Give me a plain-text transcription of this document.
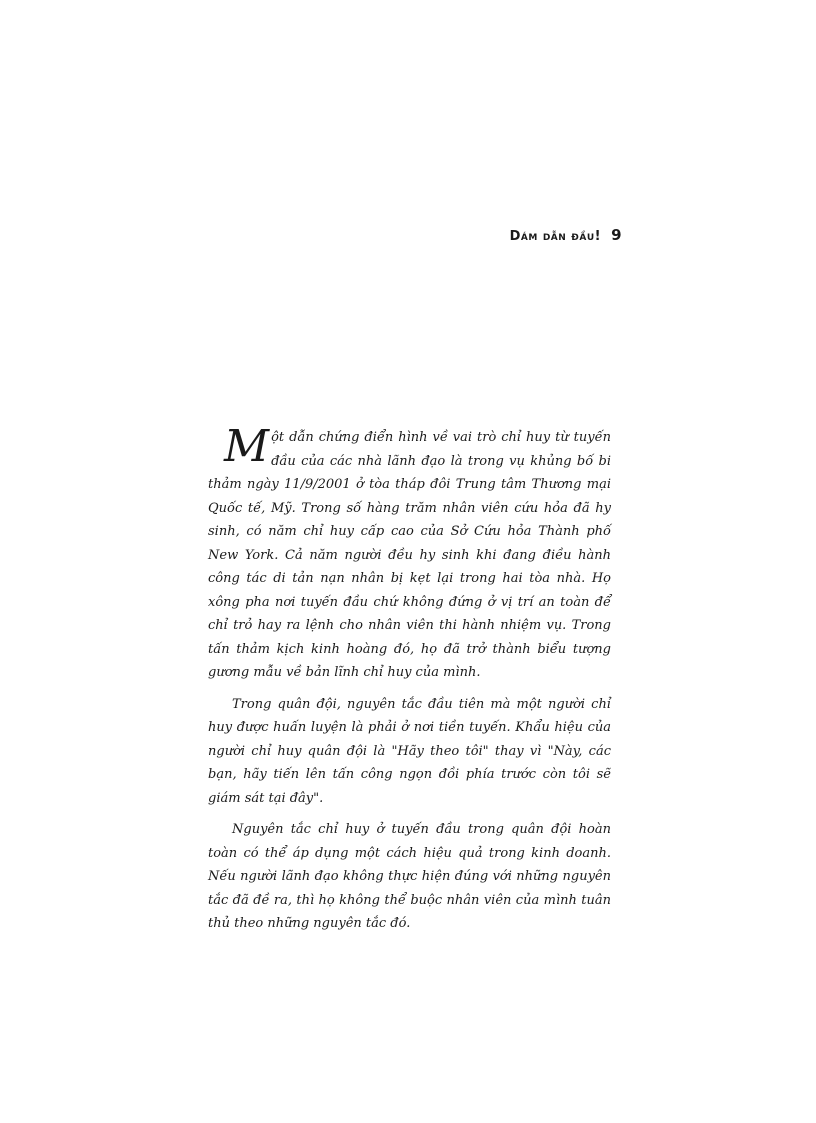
Dám dẫn đầu! 9

Một dẫn chứng điển hình về vai trò chỉ huy từ tuyến đầu của các nhà lãnh đạo là trong vụ khủng bố bi thảm ngày 11/9/2001 ở tòa tháp đôi Trung tâm Thương mại Quốc tế, Mỹ. Trong số hàng trăm nhân viên cứu hỏa đã hy sinh, có năm chỉ huy cấp cao của Sở Cứu hỏa Thành phố New York. Cả năm người đều hy sinh khi đang điều hành công tác di tản nạn nhân bị kẹt lại trong hai tòa nhà. Họ xông pha nơi tuyến đầu chứ không đứng ở vị trí an toàn để chỉ trỏ hay ra lệnh cho nhân viên thi hành nhiệm vụ. Trong tấn thảm kịch kinh hoàng đó, họ đã trở thành biểu tượng gương mẫu về bản lĩnh chỉ huy của mình.

Trong quân đội, nguyên tắc đầu tiên mà một người chỉ huy được huấn luyện là phải ở nơi tiền tuyến. Khẩu hiệu của người chỉ huy quân đội là "Hãy theo tôi" thay vì "Này, các bạn, hãy tiến lên tấn công ngọn đồi phía trước còn tôi sẽ giám sát tại đây".

Nguyên tắc chỉ huy ở tuyến đầu trong quân đội hoàn toàn có thể áp dụng một cách hiệu quả trong kinh doanh. Nếu người lãnh đạo không thực hiện đúng với những nguyên tắc đã đề ra, thì họ không thể buộc nhân viên của mình tuân thủ theo những nguyên tắc đó.
